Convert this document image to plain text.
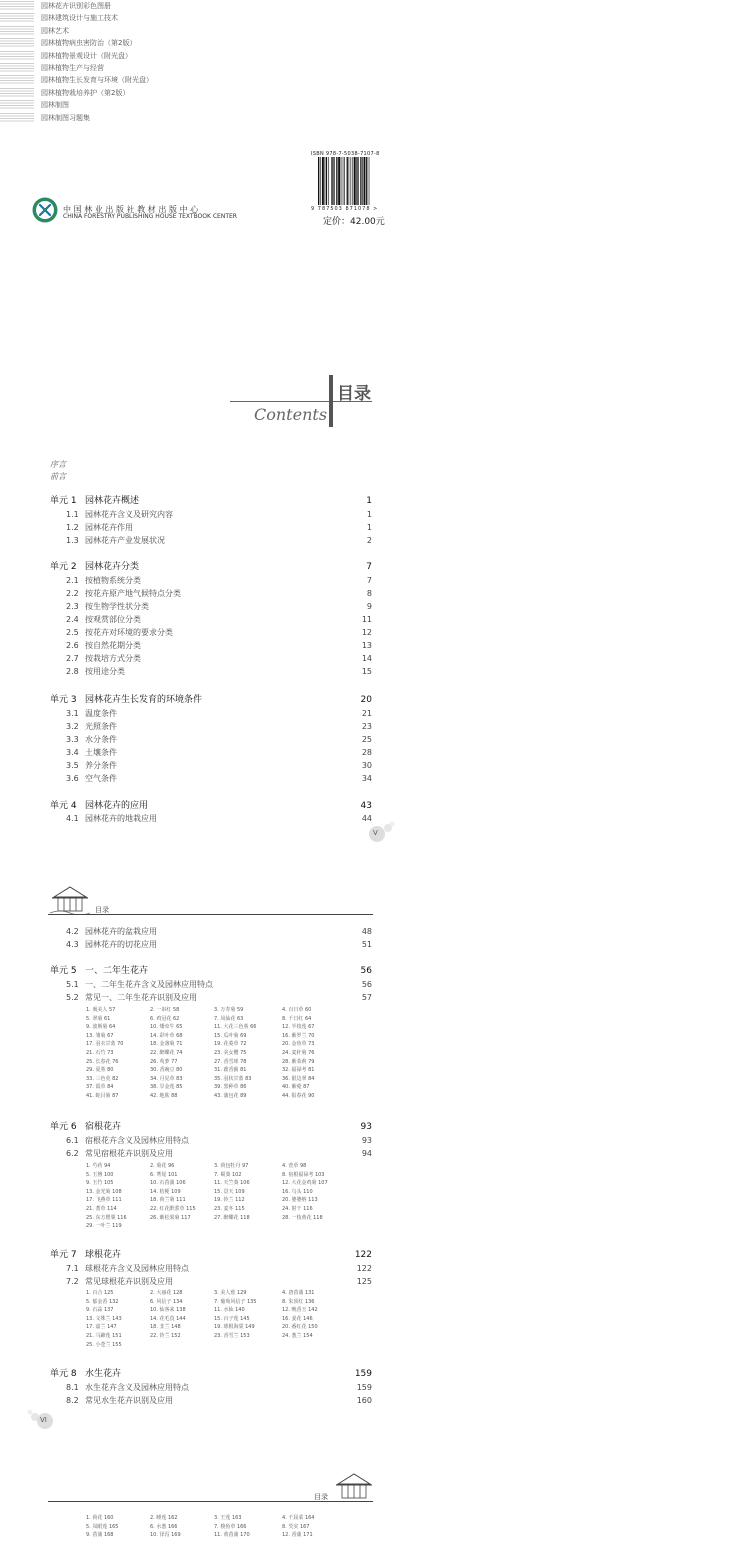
园林花卉识别彩色图册
园林建筑设计与施工技术
园林艺术
园林植物病虫害防治（第2版）
园林植物景观设计（附光盘）
园林植物生产与经营
园林植物生长发育与环境（附光盘）
园林植物栽培养护（第2版）
园林制图
园林制图习题集
中国林业出版社教材出版中心
CHINA FORESTRY PUBLISHING HOUSE TEXTBOOK CENTER
ISBN 978-7-5038-7107-8
9 787503 871078 >
定价：42.00元
目录
Contents
序言
前言
单元 1 园林花卉概述	1
1.1 园林花卉含义及研究内容	1
1.2 园林花卉作用	1
1.3 园林花卉产业发展状况	2
单元 2 园林花卉分类	7
2.1 按植物系统分类	7
2.2 按花卉原产地气候特点分类	8
2.3 按生物学性状分类	9
2.4 按观赏部位分类	11
2.5 按花卉对环境的要求分类	12
2.6 按自然花期分类	13
2.7 按栽培方式分类	14
2.8 按用途分类	15
单元 3 园林花卉生长发育的环境条件	20
3.1 温度条件	21
3.2 光照条件	23
3.3 水分条件	25
3.4 土壤条件	28
3.5 养分条件	30
3.6 空气条件	34
单元 4 园林花卉的应用	43
4.1 园林花卉的地栽应用	44
V
目录
4.2 园林花卉的盆栽应用	48
4.3 园林花卉的切花应用	51
单元 5 一、二年生花卉	56
5.1 一、二年生花卉含义及园林应用特点	56
5.2 常见一、二年生花卉识别及应用	57
单元 6 宿根花卉	93
6.1 宿根花卉含义及园林应用特点	93
6.2 常见宿根花卉识别及应用	94
单元 7 球根花卉	122
7.1 球根花卉含义及园林应用特点	122
7.2 常见球根花卉识别及应用	125
单元 8 水生花卉	159
8.1 水生花卉含义及园林应用特点	159
8.2 常见水生花卉识别及应用	160
1. 虞美人 57	2. 一串红 58	3. 万寿菊 59	4. 百日草 60
5. 翠菊 61	6. 鸡冠花 62	7. 凤仙花 63	8. 千日红 64
9. 波斯菊 64	10. 矮牵牛 65	11. 大花三色堇 66	12. 半枝莲 67
13. 雏菊 67	14. 彩叶草 68	15. 瓜叶菊 69	16. 紫罗兰 70
17. 羽衣甘蓝 70	18. 金盏菊 71	19. 花菱草 72	20. 金鱼草 73
21. 石竹 73	22. 醉蝶花 74	23. 美女樱 75	24. 麦秆菊 76
25. 长春花 76	26. 茑萝 77	27. 香雪球 78	28. 紫茉莉 79
29. 夏堇 80	30. 香豌豆 80	31. 藿香蓟 81	32. 福禄考 81
33. 三色苋 82	34. 月见草 83	35. 羽状甘蓝 83	36. 银边翠 84
37. 霞草 84	38. 旱金莲 85	39. 黑种草 86	40. 紫菀 87
41. 蛇目菊 87	42. 地肤 88	43. 蒲包花 89	44. 报春花 90
1. 芍药 94	2. 菊花 96	3. 荷包牡丹 97	4. 萱草 98
5. 玉簪 100	6. 鸢尾 101	7. 蜀葵 102	8. 宿根福禄考 103
9. 玉竹 105	10. 石菖蒲 106	11. 天竺葵 106	12. 大花金鸡菊 107
13. 金光菊 108	14. 桔梗 109	15. 景天 109	16. 乌头 110
17. 飞燕草 111	18. 荷兰菊 111	19. 铃兰 112	20. 婆婆纳 113
21. 蓍草 114	22. 红花酢浆草 115	23. 麦冬 115	24. 射干 116
25. 东方罂粟 116	26. 紫松果菊 117	27. 醉蝶花 118	28. 一枝黄花 118
29. 一叶兰 119
1. 百合 125	2. 大丽花 128	3. 美人蕉 129	4. 唐菖蒲 131
5. 郁金香 132	6. 风信子 134	7. 葡萄风信子 135	8. 朱顶红 136
9. 石蒜 137	10. 仙客来 138	11. 水仙 140	12. 晚香玉 142
13. 文殊兰 143	14. 花毛茛 144	15. 百子莲 145	16. 姜花 146
17. 嘉兰 147	18. 韭兰 148	19. 球根海棠 149	20. 番红花 150
21. 马蹄莲 151	22. 铃兰 152	23. 香雪兰 153	24. 葱兰 154
25. 小苍兰 155
VI
目录
1. 荷花 160	2. 睡莲 162	3. 王莲 163	4. 千屈菜 164
5. 凤眼莲 165	6. 水葱 166	7. 梭鱼草 166	8. 芡实 167
9. 菖蒲 168	10. 泽泻 169	11. 黄菖蒲 170	12. 香蒲 171
